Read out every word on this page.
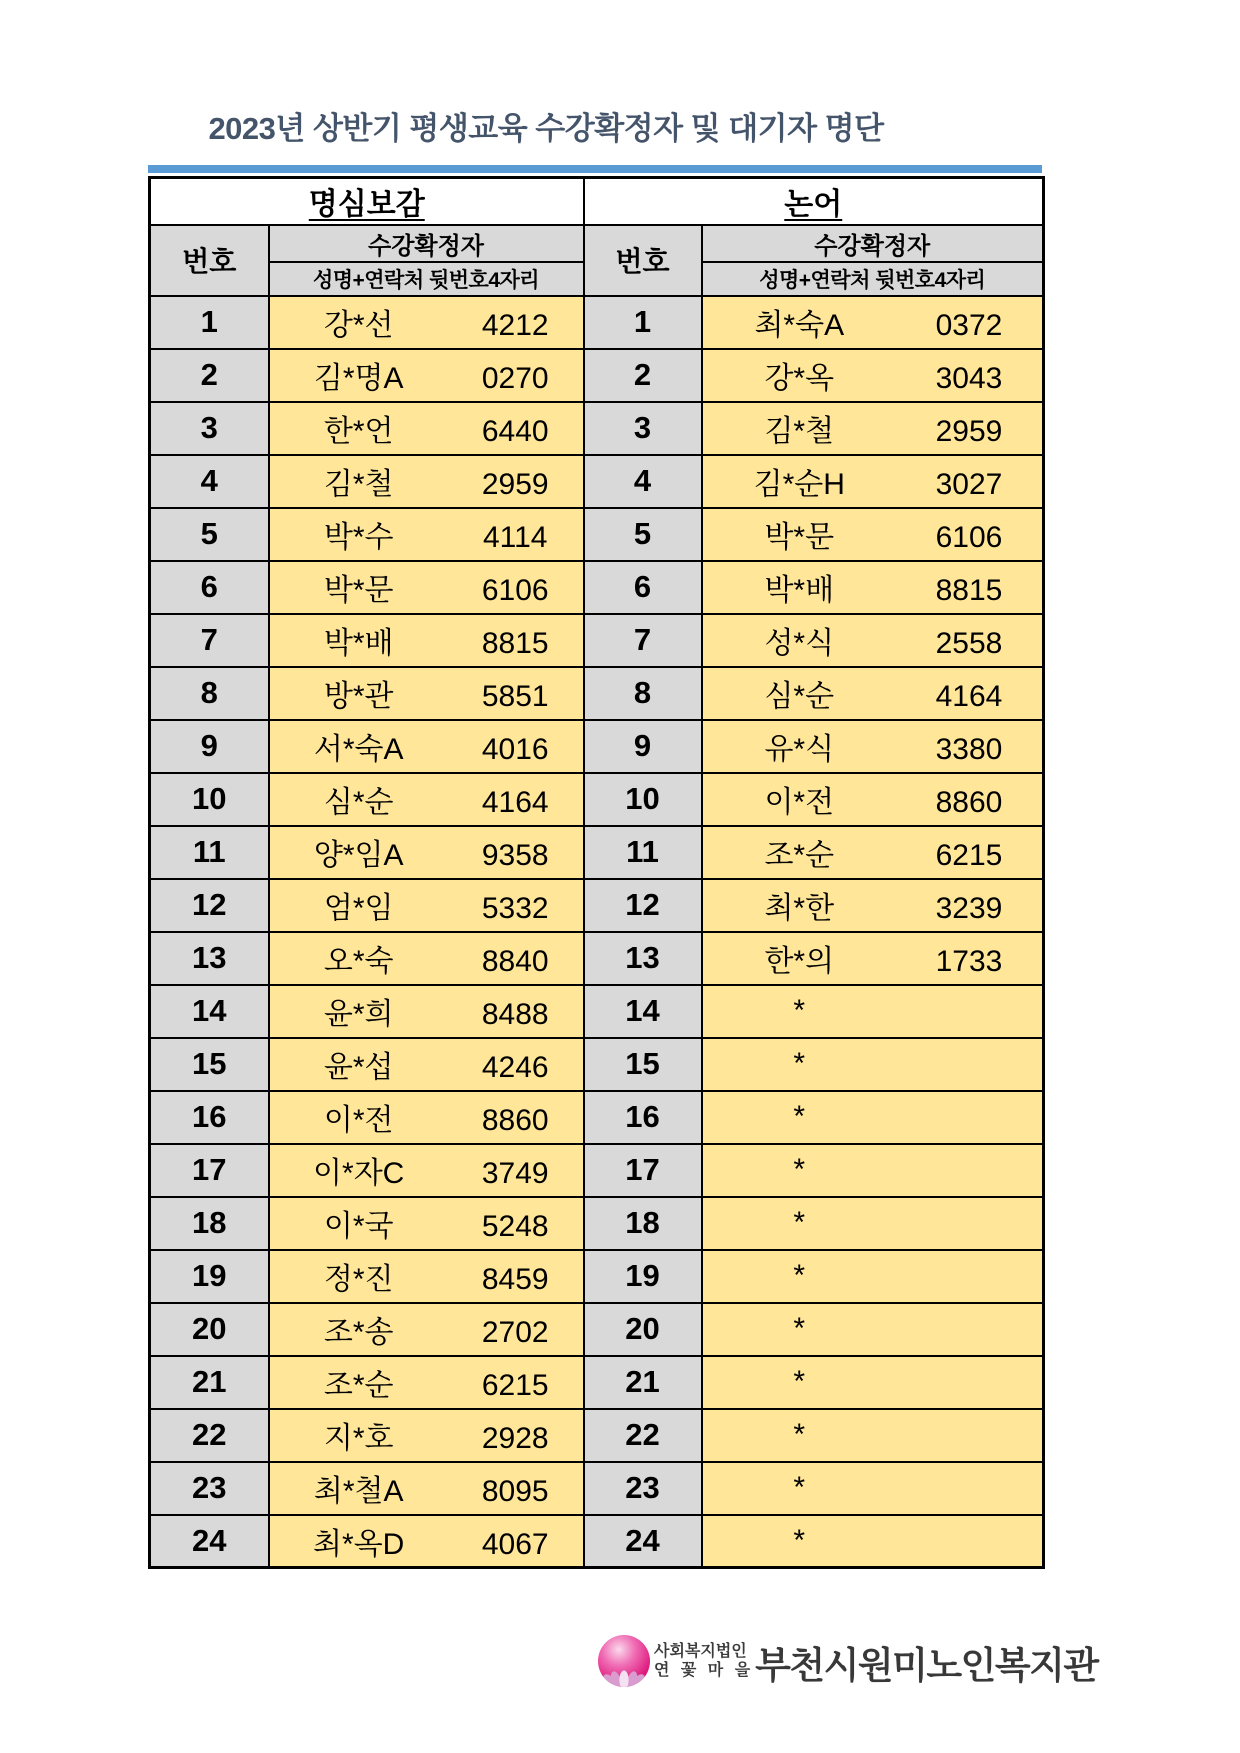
2023년 상반기 평생교육 수강확정자 및 대기자 명단
명심보감		논어	
번호	수강확정자	번호	수강확정자
	성명+연락처 뒷번호4자리		성명+연락처 뒷번호4자리
1	강*선 4212	1	최*숙A 0372
2	김*명A 0270	2	강*옥 3043
3	한*언 6440	3	김*철 2959
4	김*철 2959	4	김*순H 3027
5	박*수 4114	5	박*문 6106
6	박*문 6106	6	박*배 8815
7	박*배 8815	7	성*식 2558
8	방*관 5851	8	심*순 4164
9	서*숙A 4016	9	유*식 3380
10	심*순 4164	10	이*전 8860
11	양*임A 9358	11	조*순 6215
12	엄*임 5332	12	최*한 3239
13	오*숙 8840	13	한*의 1733
14	윤*희 8488	14	*
15	윤*섭 4246	15	*
16	이*전 8860	16	*
17	이*자C 3749	17	*
18	이*국 5248	18	*
19	정*진 8459	19	*
20	조*송 2702	20	*
21	조*순 6215	21	*
22	지*호 2928	22	*
23	최*철A 8095	23	*
24	최*옥D 4067	24	*
사회복지법인
연 꽃 마 을 부천시원미노인복지관
